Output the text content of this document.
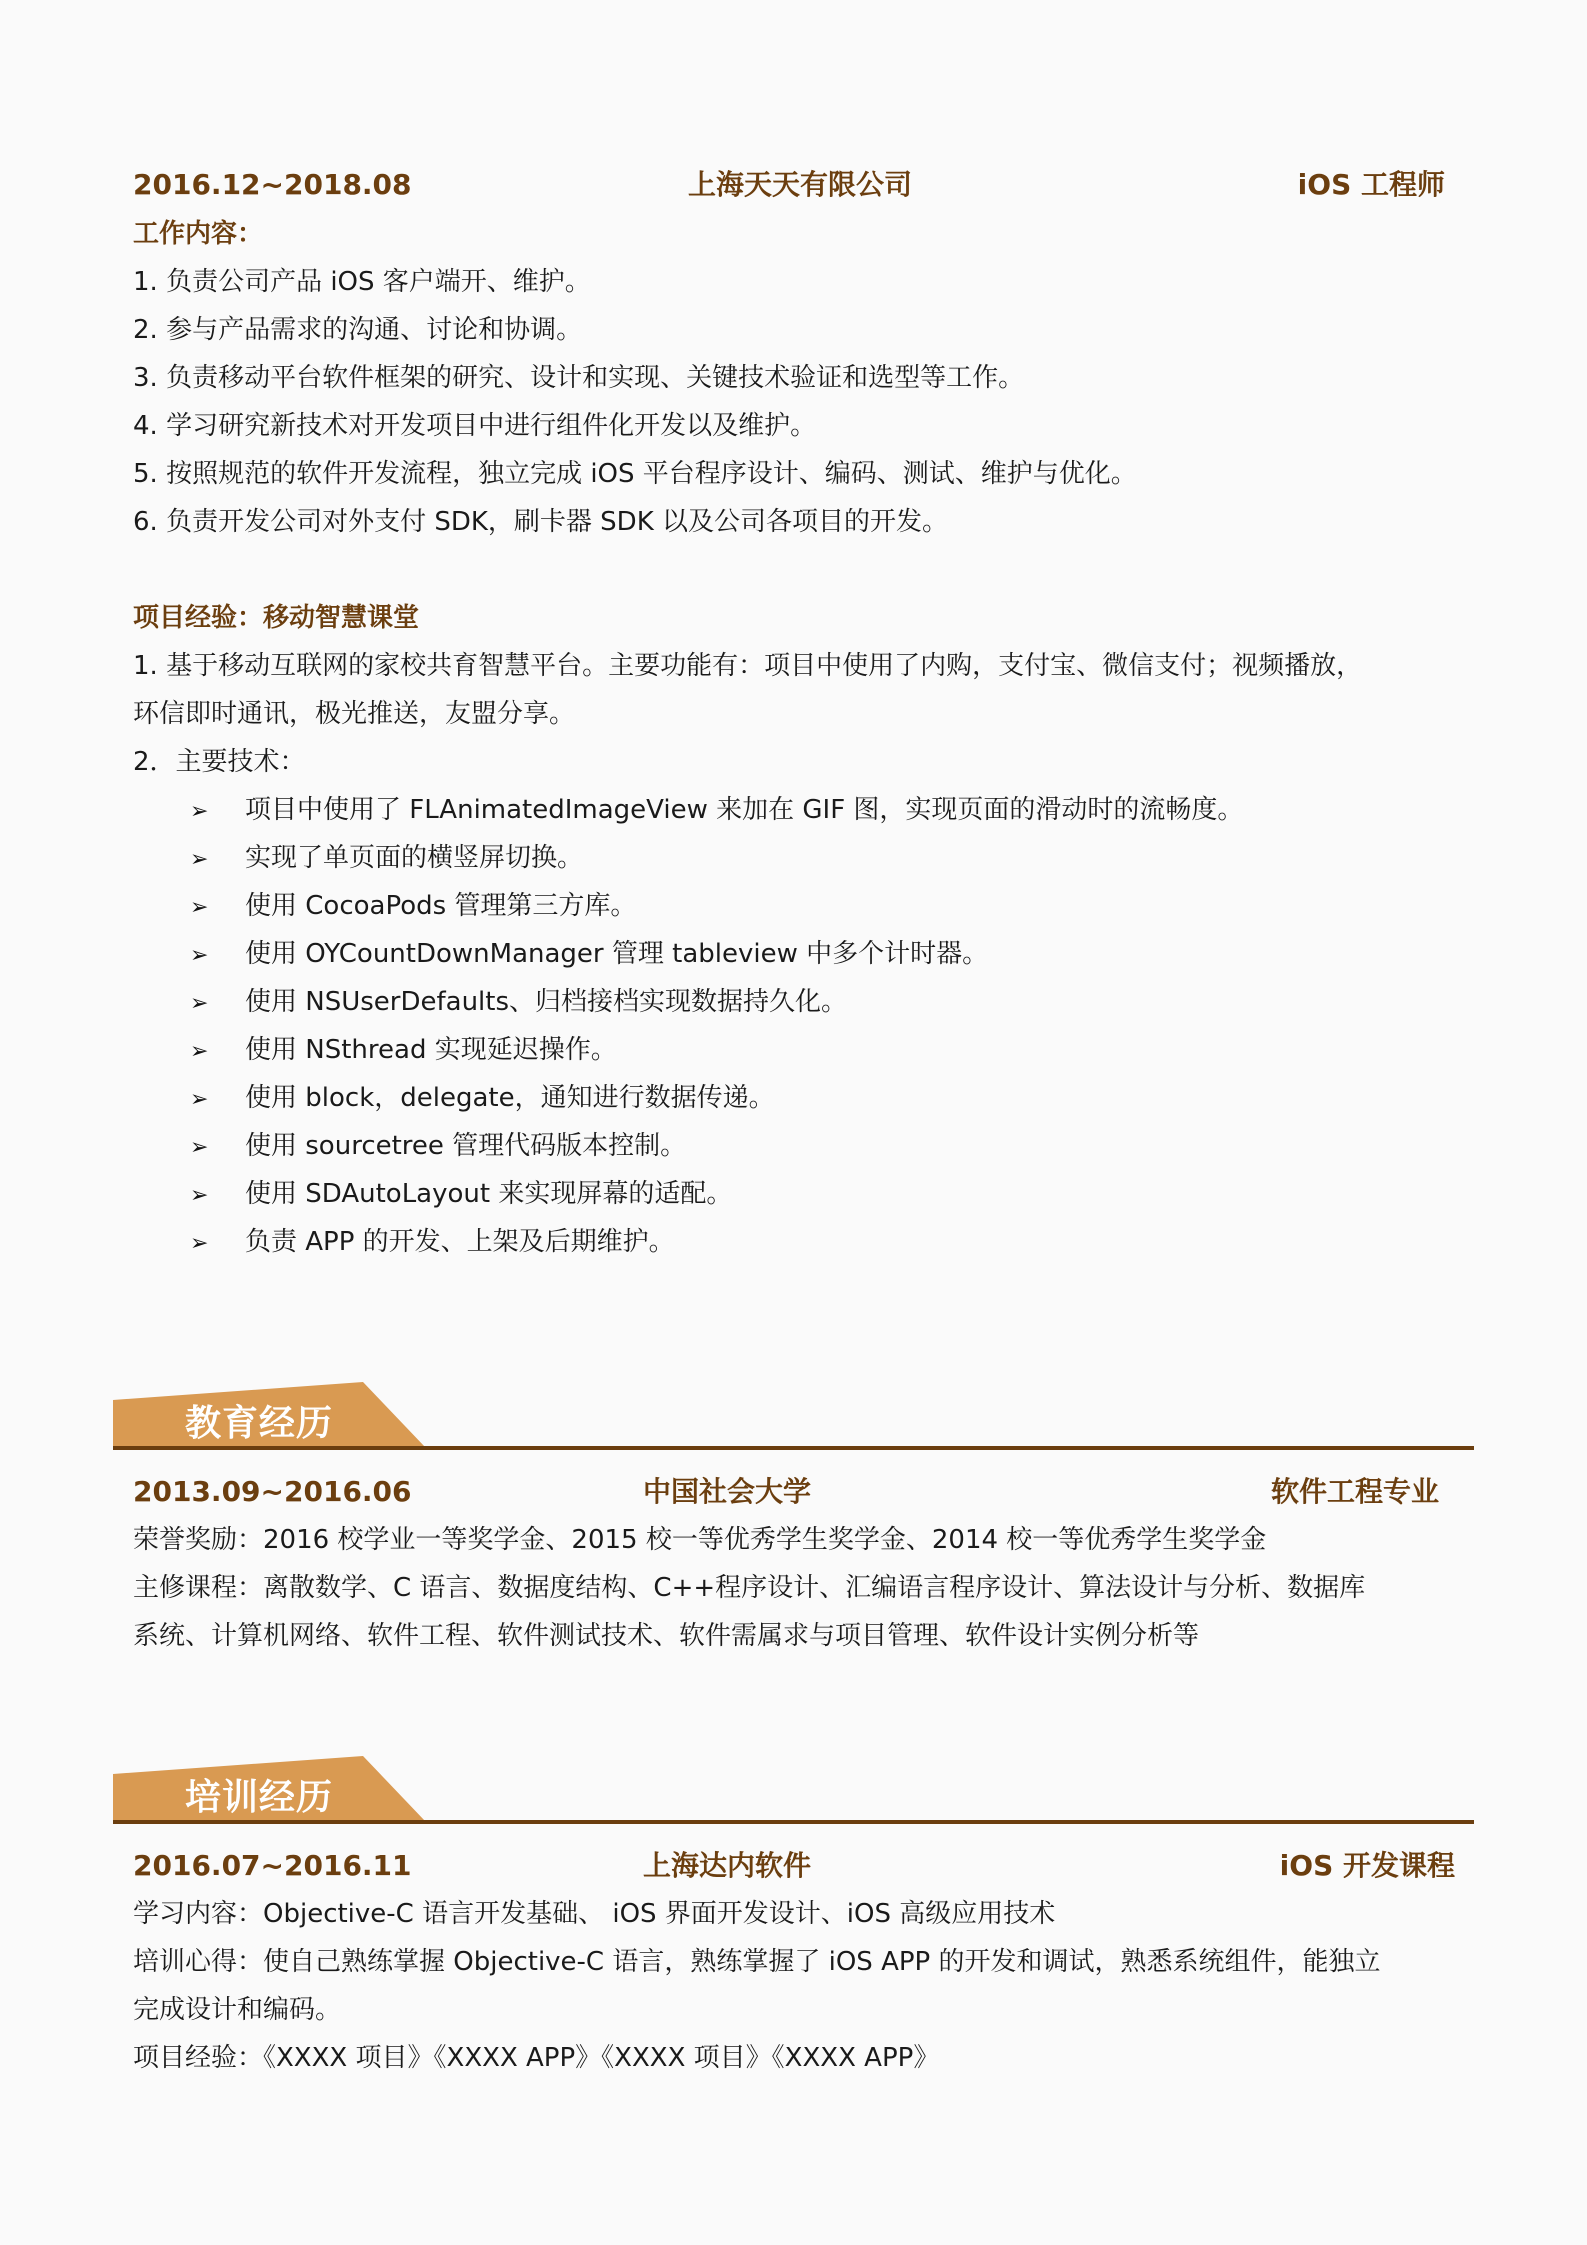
2016.12~2018.08	上海天天有限公司	iOS 工程师
工作内容：
1. 负责公司产品 iOS 客户端开、维护。
2. 参与产品需求的沟通、讨论和协调。
3. 负责移动平台软件框架的研究、设计和实现、关键技术验证和选型等工作。
4. 学习研究新技术对开发项目中进行组件化开发以及维护。
5. 按照规范的软件开发流程，独立完成 iOS 平台程序设计、编码、测试、维护与优化。
6. 负责开发公司对外支付 SDK，刷卡器 SDK 以及公司各项目的开发。
项目经验：移动智慧课堂
1. 基于移动互联网的家校共育智慧平台。主要功能有：项目中使用了内购，支付宝、微信支付；视频播放，
环信即时通讯，极光推送，友盟分享。
2．主要技术：
➢ 项目中使用了 FLAnimatedImageView 来加在 GIF 图，实现页面的滑动时的流畅度。
➢ 实现了单页面的横竖屏切换。
➢ 使用 CocoaPods 管理第三方库。
➢ 使用 OYCountDownManager 管理 tableview 中多个计时器。
➢ 使用 NSUserDefaults、归档接档实现数据持久化。
➢ 使用 NSthread 实现延迟操作。
➢ 使用 block，delegate，通知进行数据传递。
➢ 使用 sourcetree 管理代码版本控制。
➢ 使用 SDAutoLayout 来实现屏幕的适配。
➢ 负责 APP 的开发、上架及后期维护。
教育经历
2013.09~2016.06	中国社会大学	软件工程专业
荣誉奖励：2016 校学业一等奖学金、2015 校一等优秀学生奖学金、2014 校一等优秀学生奖学金
主修课程：离散数学、C 语言、数据度结构、C++程序设计、汇编语言程序设计、算法设计与分析、数据库
系统、计算机网络、软件工程、软件测试技术、软件需属求与项目管理、软件设计实例分析等
培训经历
2016.07~2016.11	上海达内软件	iOS 开发课程
学习内容：Objective-C 语言开发基础、 iOS 界面开发设计、iOS 高级应用技术
培训心得：使自己熟练掌握 Objective-C 语言，熟练掌握了 iOS APP 的开发和调试，熟悉系统组件，能独立
完成设计和编码。
项目经验：《XXXX 项目》《XXXX APP》《XXXX 项目》《XXXX APP》
